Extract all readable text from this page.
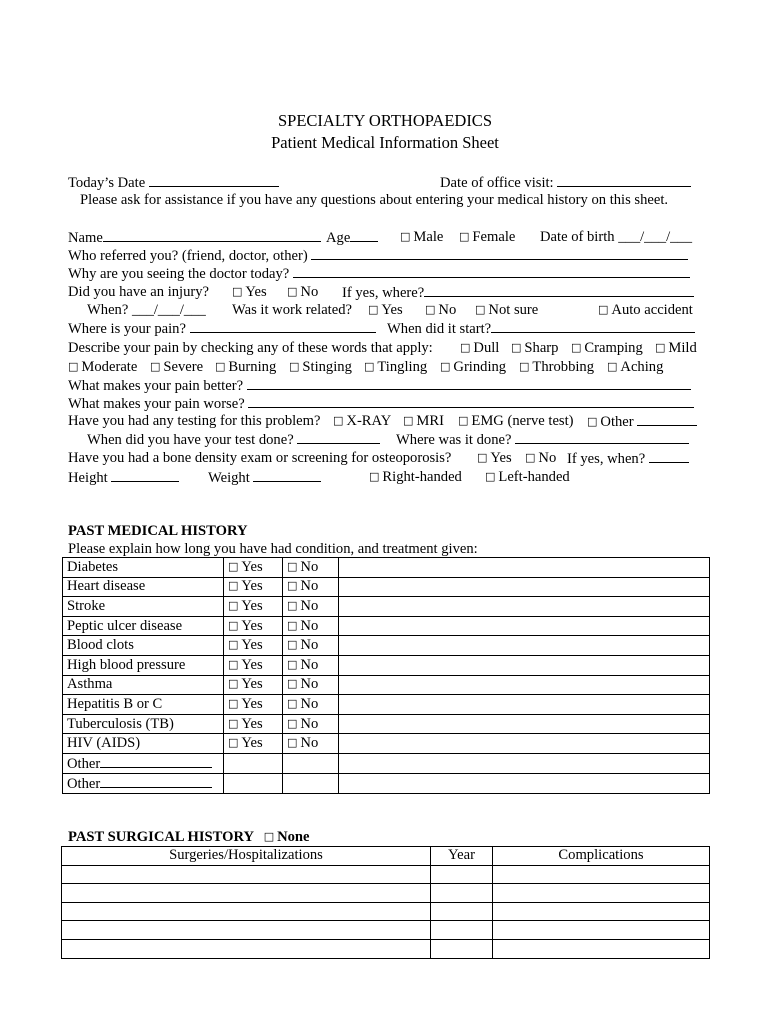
SPECIALTY ORTHOPAEDICS
Patient Medical Information Sheet
Today’s Date	Date of office visit:
Please ask for assistance if you have any questions about entering your medical history on this sheet.
Name	Age	□ Male	□ Female Date of birth ___/___/___
Who referred you? (friend, doctor, other)
Why are you seeing the doctor today?
Did you have an injury?	□ Yes	□ No If yes, where?
When? ___/___/___ Was it work related?	□ Yes	□ No	□ Not sure	□ Auto accident
Where is your pain?	When did it start?
Describe your pain by checking any of these words that apply:	□ Dull	□ Sharp	□ Cramping	□ Mild
□ Moderate	□ Severe	□ Burning	□ Stinging	□ Tingling	□ Grinding	□ Throbbing	□ Aching
What makes your pain better?
What makes your pain worse?
Have you had any testing for this problem?	□ X-RAY	□ MRI	□ EMG (nerve test)	□ Other
When did you have your test done?	Where was it done?
Have you had a bone density exam or screening for osteoporosis?	□ Yes	□ No If yes, when?
Height	Weight	□ Right-handed	□ Left-handed
PAST MEDICAL HISTORY
Please explain how long you have had condition, and treatment given:
Diabetes	□ Yes	□ No	
Heart disease	□ Yes	□ No	
Stroke	□ Yes	□ No	
Peptic ulcer disease	□ Yes	□ No	
Blood clots	□ Yes	□ No	
High blood pressure	□ Yes	□ No	
Asthma	□ Yes	□ No	
Hepatitis B or C	□ Yes	□ No	
Tuberculosis (TB)	□ Yes	□ No	
HIV (AIDS)	□ Yes	□ No	
Other			
Other			
PAST SURGICAL HISTORY □ None
Surgeries/Hospitalizations	Year	Complications
